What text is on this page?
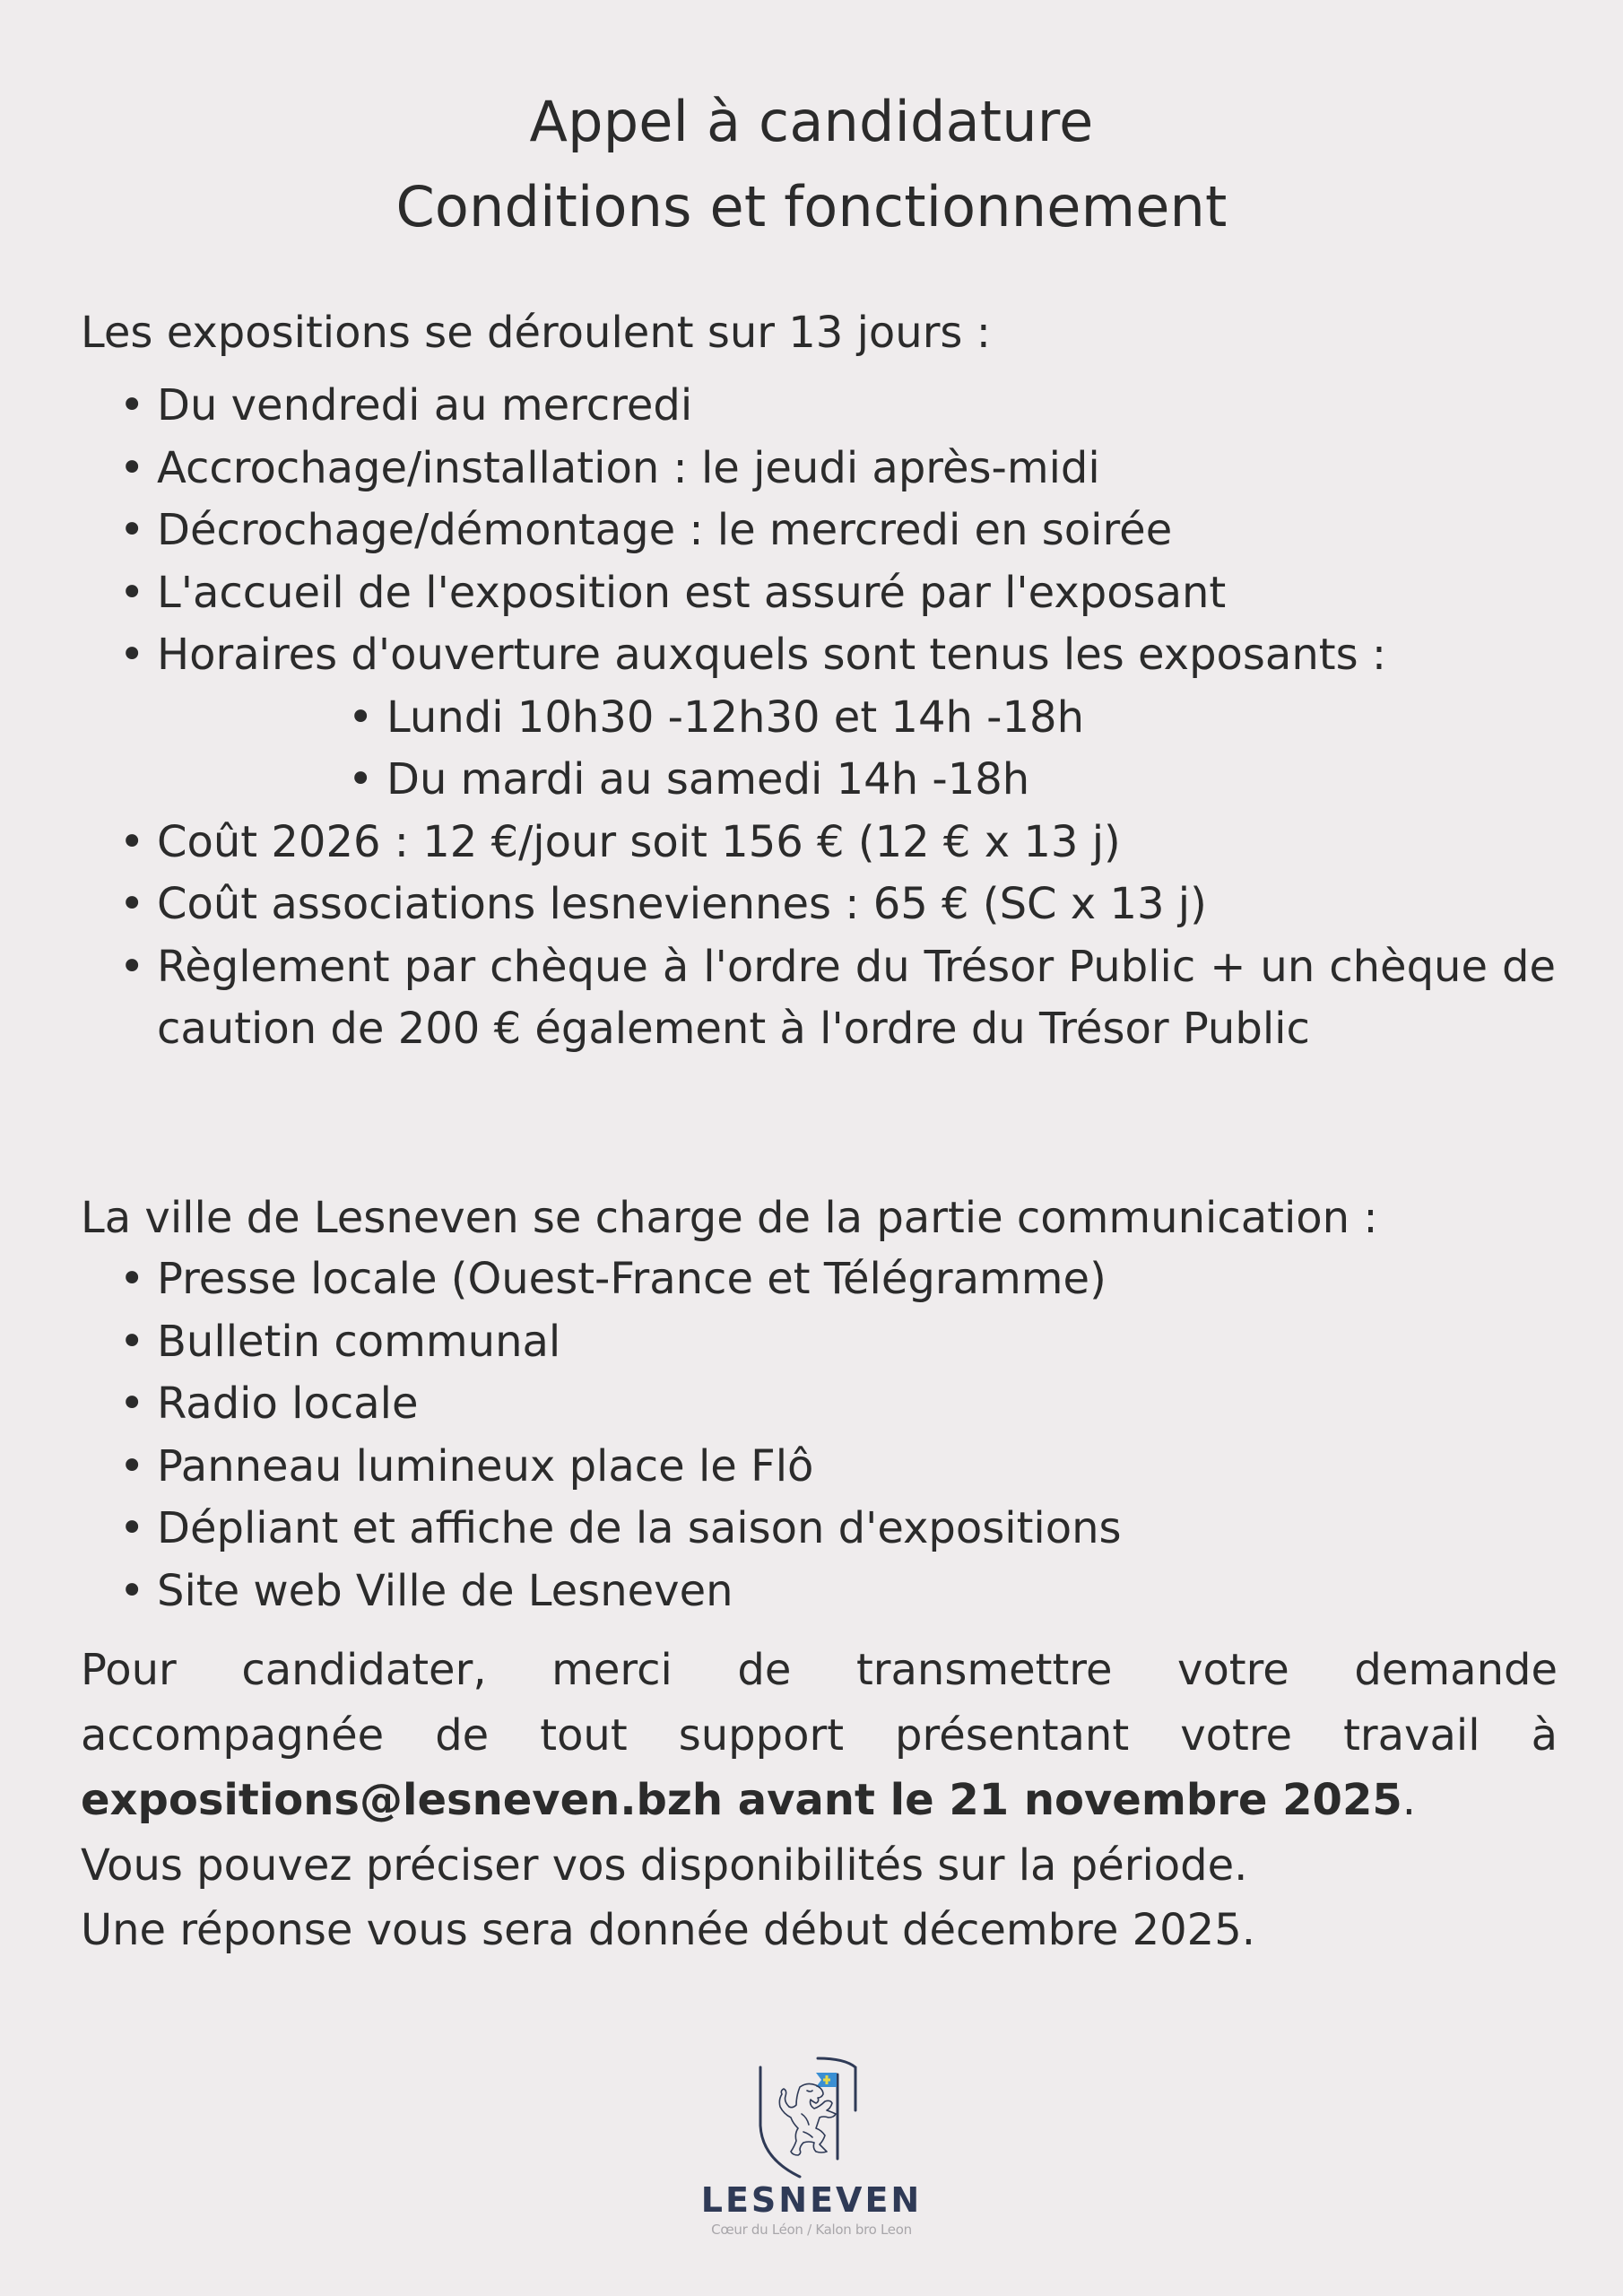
Appel à candidature
Conditions et fonctionnement

Les expositions se déroulent sur 13 jours :

• Du vendredi au mercredi
• Accrochage/installation : le jeudi après-midi
• Décrochage/démontage : le mercredi en soirée
• L'accueil de l'exposition est assuré par l'exposant
• Horaires d'ouverture auxquels sont tenus les exposants :
• Lundi 10h30 -12h30 et 14h -18h
• Du mardi au samedi 14h -18h
• Coût 2026 : 12 €/jour soit 156 € (12 € x 13 j)
• Coût associations lesneviennes : 65 € (SC x 13 j)
• Règlement par chèque à l'ordre du Trésor Public + un chèque de caution de 200 € également à l'ordre du Trésor Public

La ville de Lesneven se charge de la partie communication :

• Presse locale (Ouest-France et Télégramme)
• Bulletin communal
• Radio locale
• Panneau lumineux place le Flô
• Dépliant et affiche de la saison d'expositions
• Site web Ville de Lesneven

Pour candidater, merci de transmettre votre demande accompagnée de tout support présentant votre travail à expositions@lesneven.bzh avant le 21 novembre 2025.

Vous pouvez préciser vos disponibilités sur la période.

Une réponse vous sera donnée début décembre 2025.

LESNEVEN
Cœur du Léon / Kalon bro Leon
